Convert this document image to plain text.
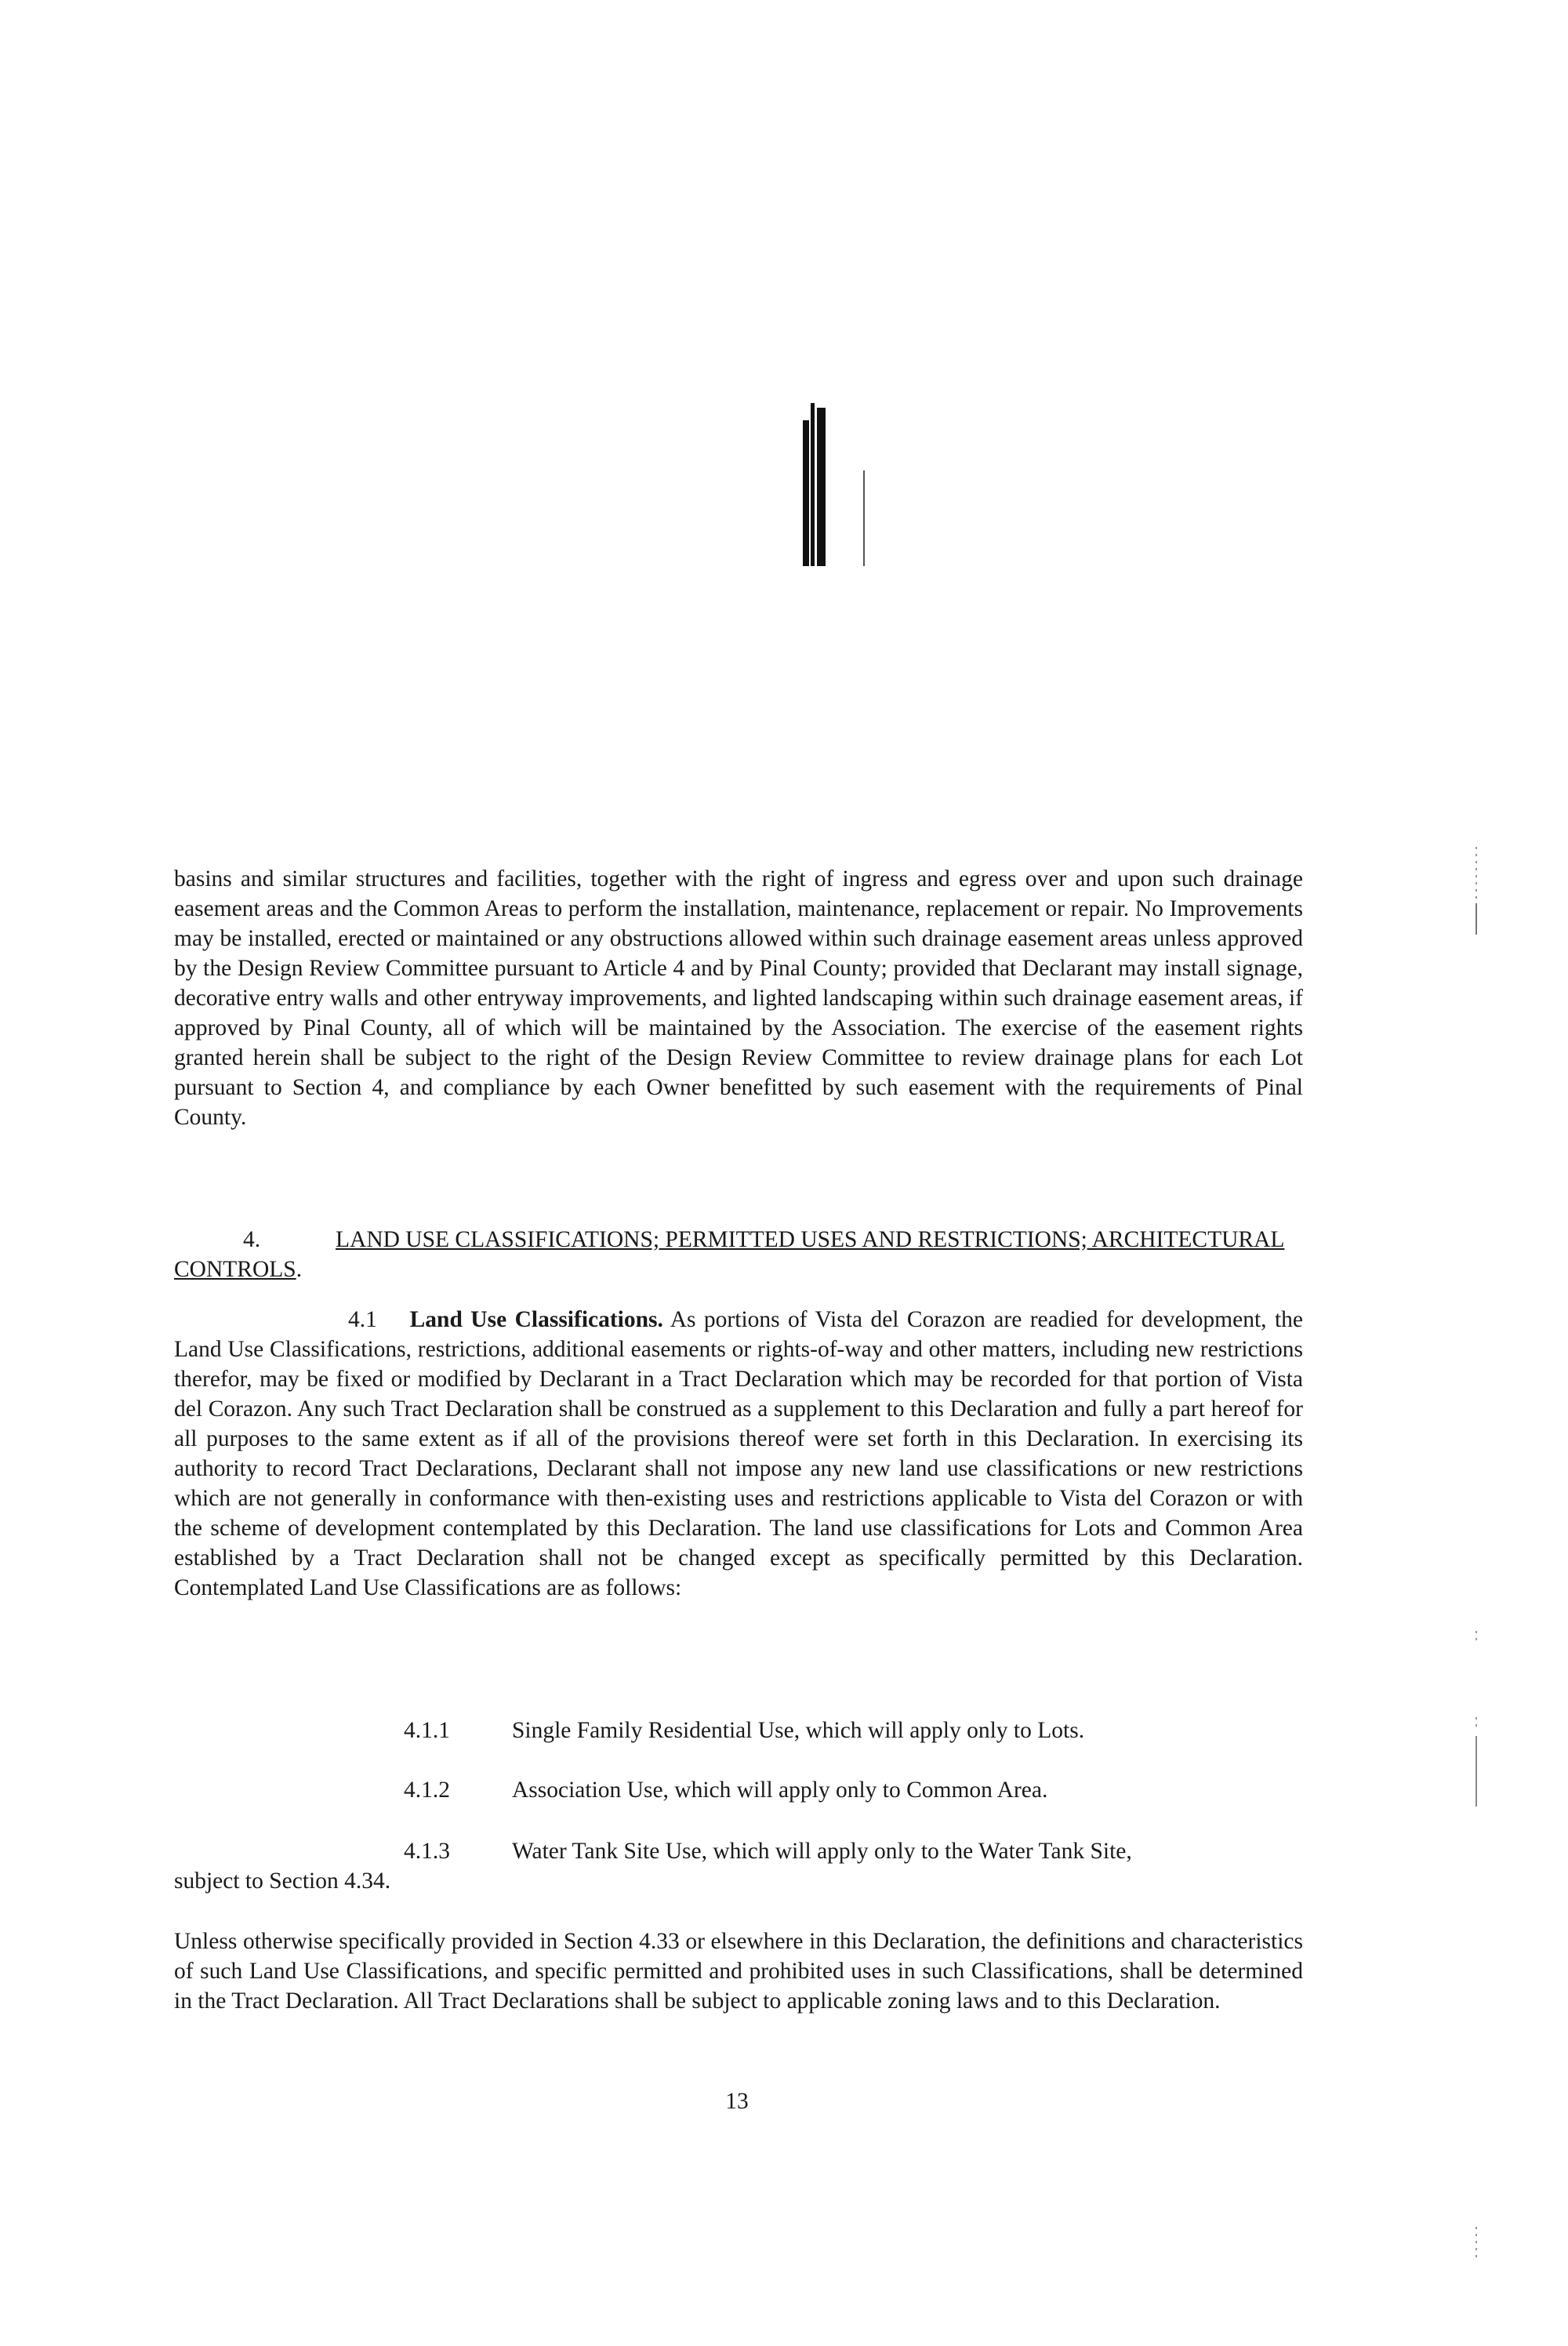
basins and similar structures and facilities, together with the right of ingress and egress over and upon such drainage easement areas and the Common Areas to perform the installation, maintenance, replacement or repair. No Improvements may be installed, erected or maintained or any obstructions allowed within such drainage easement areas unless approved by the Design Review Committee pursuant to Article 4 and by Pinal County; provided that Declarant may install signage, decorative entry walls and other entryway improvements, and lighted landscaping within such drainage easement areas, if approved by Pinal County, all of which will be maintained by the Association. The exercise of the easement rights granted herein shall be subject to the right of the Design Review Committee to review drainage plans for each Lot pursuant to Section 4, and compliance by each Owner benefitted by such easement with the requirements of Pinal County.

4.	LAND USE CLASSIFICATIONS; PERMITTED USES AND RESTRICTIONS; ARCHITECTURAL CONTROLS.

4.1 Land Use Classifications. As portions of Vista del Corazon are readied for development, the Land Use Classifications, restrictions, additional easements or rights-of-way and other matters, including new restrictions therefor, may be fixed or modified by Declarant in a Tract Declaration which may be recorded for that portion of Vista del Corazon. Any such Tract Declaration shall be construed as a supplement to this Declaration and fully a part hereof for all purposes to the same extent as if all of the provisions thereof were set forth in this Declaration. In exercising its authority to record Tract Declarations, Declarant shall not impose any new land use classifications or new restrictions which are not generally in conformance with then-existing uses and restrictions applicable to Vista del Corazon or with the scheme of development contemplated by this Declaration. The land use classifications for Lots and Common Area established by a Tract Declaration shall not be changed except as specifically permitted by this Declaration. Contemplated Land Use Classifications are as follows:

4.1.1	Single Family Residential Use, which will apply only to Lots.
4.1.2	Association Use, which will apply only to Common Area.
4.1.3	Water Tank Site Use, which will apply only to the Water Tank Site,
subject to Section 4.34.

Unless otherwise specifically provided in Section 4.33 or elsewhere in this Declaration, the definitions and characteristics of such Land Use Classifications, and specific permitted and prohibited uses in such Classifications, shall be determined in the Tract Declaration. All Tract Declarations shall be subject to applicable zoning laws and to this Declaration.

13
